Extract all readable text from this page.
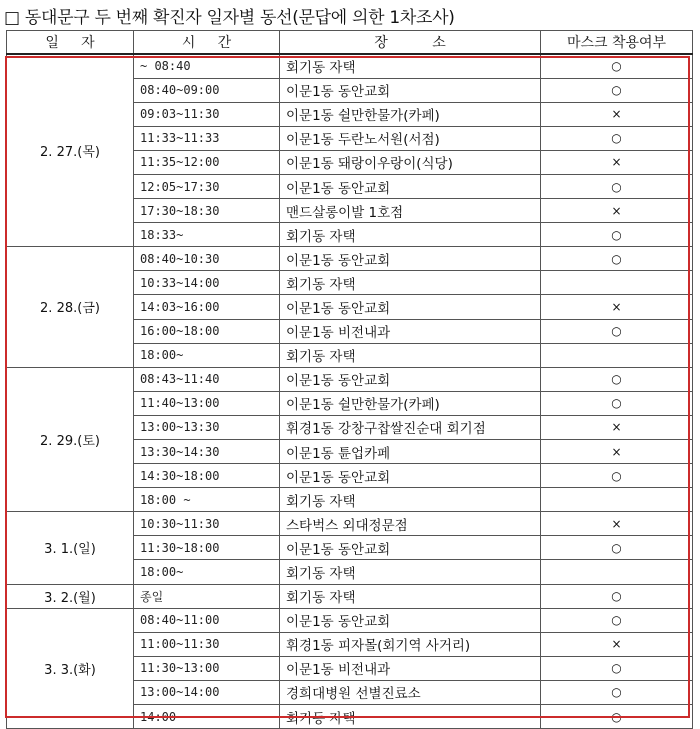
□ 동대문구 두 번째 확진자 일자별 동선(문답에 의한 1차조사)
일     자	시     간	장          소	마스크 착용여부
2. 27.(목)	~ 08:40	회기동 자택	○
	08:40~09:00	이문1동 동안교회	○
	09:03~11:30	이문1동 쉴만한물가(카페)	×
	11:33~11:33	이문1동 두란노서원(서점)	○
	11:35~12:00	이문1동 돼랑이우랑이(식당)	×
	12:05~17:30	이문1동 동안교회	○
	17:30~18:30	맨드살롱이발 1호점	×
	18:33~	회기동 자택	○
2. 28.(금)	08:40~10:30	이문1동 동안교회	○
	10:33~14:00	회기동 자택	
	14:03~16:00	이문1동 동안교회	×
	16:00~18:00	이문1동 비전내과	○
	18:00~	회기동 자택	
2. 29.(토)	08:43~11:40	이문1동 동안교회	○
	11:40~13:00	이문1동 쉴만한물가(카페)	○
	13:00~13:30	휘경1동 강창구찹쌀진순대 회기점	×
	13:30~14:30	이문1동 튠업카페	×
	14:30~18:00	이문1동 동안교회	○
	18:00 ~	회기동 자택	
3. 1.(일)	10:30~11:30	스타벅스 외대정문점	×
	11:30~18:00	이문1동 동안교회	○
	18:00~	회기동 자택	
3. 2.(월)	종일	회기동 자택	○
3. 3.(화)	08:40~11:00	이문1동 동안교회	○
	11:00~11:30	휘경1동 피자몰(회기역 사거리)	×
	11:30~13:00	이문1동 비전내과	○
	13:00~14:00	경희대병원 선별진료소	○
	14:00 ~	회기동 자택	○
